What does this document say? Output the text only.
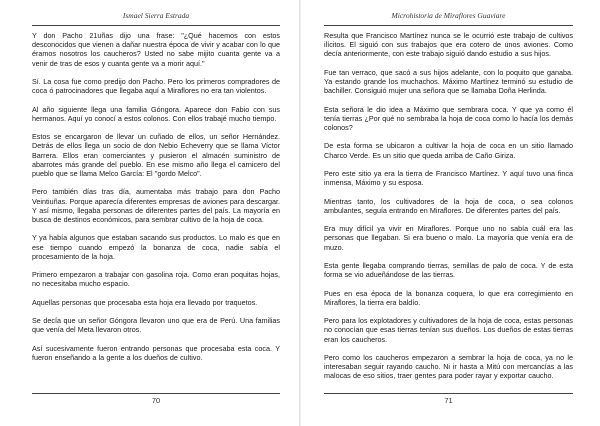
Ismael Sierra Estrada

Y don Pacho 21uñas dijo una frase: "¿Qué hacemos con estos desconocidos que vienen a dañar nuestra época de vivir y acabar con lo que éramos nosotros los caucheros? Usted no sabe mijito cuanta gente va a venir de tras de esos y cuanta gente va a morir aquí."

Sí. La cosa fue como predijo don Pacho. Pero los primeros compradores de coca ó patrocinadores que llegaba aquí a Miraflores no era tan violentos.

Al año siguiente llega una familia Góngora. Aparece don Fabio con sus hermanos. Aquí yo conocí a estos colonos. Con ellos trabajé mucho tiempo.

Estos se encargaron de llevar un cuñado de ellos, un señor Hernández. Detrás de ellos llega un socio de don Nebio Echeverry que se llama Víctor Barrera. Ellos eran comerciantes y pusieron el almacén suministro de abarrotes más grande del pueblo. En ese mismo año llega el carnicero del pueblo que se llama Melco García: El "gordo Melco".

Pero también días tras día, aumentaba más trabajo para don Pacho Veintiuñas. Porque aparecía diferentes empresas de aviones para descargar. Y así mismo, llegaba personas de diferentes partes del país. La mayoría en busca de destinos económicos, para sembrar cultivo de la hoja de coca.

Y ya había algunos que estaban sacando sus productos. Lo malo es que en ese tiempo cuando empezó la bonanza de coca, nadie sabía el procesamiento de la hoja.

Primero empezaron a trabajar con gasolina roja. Como eran poquitas hojas, no necesitaba mucho espacio.

Aquellas personas que procesaba esta hoja era llevado por traquetos.

Se decía que un señor Góngora llevaron uno que era de Perú. Una familias que venía del Meta llevaron otros.

Así sucesivamente fueron entrando personas que procesaba esta coca. Y fueron enseñando a la gente a los dueños de cultivo.

70
Microhistoria de Miraflores Guaviare

Resulta que Francisco Martínez nunca se le ocurrió este trabajo de cultivos ilícitos. El siguió con sus trabajos que era cotero de unos aviones. Como decía anteriormente, con este trabajo siguió dando estudio a sus hijos.

Fue tan verraco, que sacó a sus hijos adelante, con lo poquito que ganaba. Ya estando grande los muchachos. Máximo Martínez terminó su estudio de bachiller. Consiguió mujer una señora que se llamaba Doña Herlinda.

Esta señora le dio idea a Máximo que sembrara coca. Y que ya como él tenía tierras ¿Por qué no sembraba la hoja de coca como lo hacía los demás colonos?

De esta forma se ubicaron a cultivar la hoja de coca en un sitio llamado Charco Verde. Es un sitio que queda arriba de Caño Giriza.

Pero este sitio ya era la tierra de Francisco Martínez. Y aquí tuvo una finca inmensa, Máximo y su esposa.

Mientras tanto, los cultivadores de la hoja de coca, o sea colonos ambulantes, seguía entrando en Miraflores. De diferentes partes del país.

Era muy difícil ya vivir en Miraflores. Porque uno no sabía cuál era las personas que llegaban. Si era bueno o malo. La mayoría que venía era de muzo.

Esta gente llegaba comprando tierras, semillas de palo de coca. Y de esta forma se vio adueñándose de las tierras.

Pues en esa época de la bonanza coquera, lo que era corregimiento en Miraflores, la tierra era baldío.

Pero para los explotadores y cultivadores de la hoja de coca, estas personas no conocían que esas tierras tenían sus dueños. Los dueños de estas tierras eran los caucheros.

Pero como los caucheros empezaron a sembrar la hoja de coca, ya no le interesaban seguir rayando caucho. Ni ir hasta a Mitú con mercancías a las malocas de eso sitios, traer gentes para poder rayar y exportar caucho.

71
